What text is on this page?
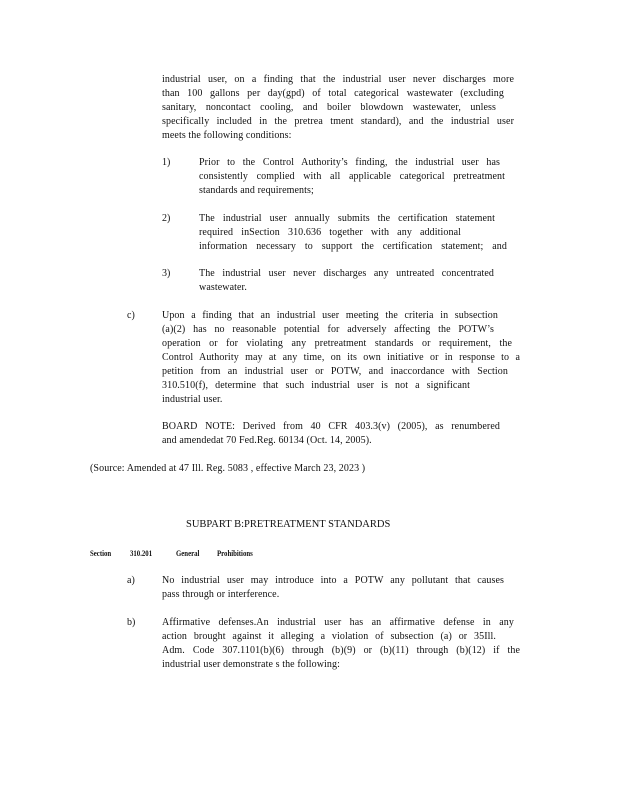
industrial user, on a finding that the industrial user never discharges more
than 100 gallons per day(gpd) of total categorical wastewater (excluding
sanitary, noncontact cooling, and boiler blowdown wastewater, unless
specifically included in the pretrea tment standard), and the industrial user
meets the following conditions:
1)	Prior to the Control Authority’s finding, the industrial user has
consistently complied with all applicable categorical pretreatment
standards and requirements;
2)	The industrial user annually submits the certification statement
required inSection 310.636 together with any additional
information necessary to support the certification statement; and
3)	The industrial user never discharges any untreated concentrated
wastewater.
c)	Upon a finding that an industrial user meeting the criteria in subsection
(a)(2) has no reasonable potential for adversely affecting the POTW’s
operation or for violating any pretreatment standards or requirement, the
Control Authority may at any time, on its own initiative or in response to a
petition from an industrial user or POTW, and inaccordance with Section
310.510(f), determine that such industrial user is not a significant
industrial user.
BOARD NOTE: Derived from 40 CFR 403.3(v) (2005), as renumbered
and amendedat 70 Fed.Reg. 60134 (Oct. 14, 2005).
(Source: Amended at 47 Ill. Reg. 5083 , effective March 23, 2023 )
SUBPART B:PRETREATMENT STANDARDS
Section 310.201	General Prohibitions
a)	No industrial user may introduce into a POTW any pollutant that causes
pass through or interference.
b)	Affirmative defenses.An industrial user has an affirmative defense in any
action brought against it alleging a violation of subsection (a) or 35Ill.
Adm. Code 307.1101(b)(6) through (b)(9) or (b)(11) through (b)(12) if the
industrial user demonstrate s the following:
